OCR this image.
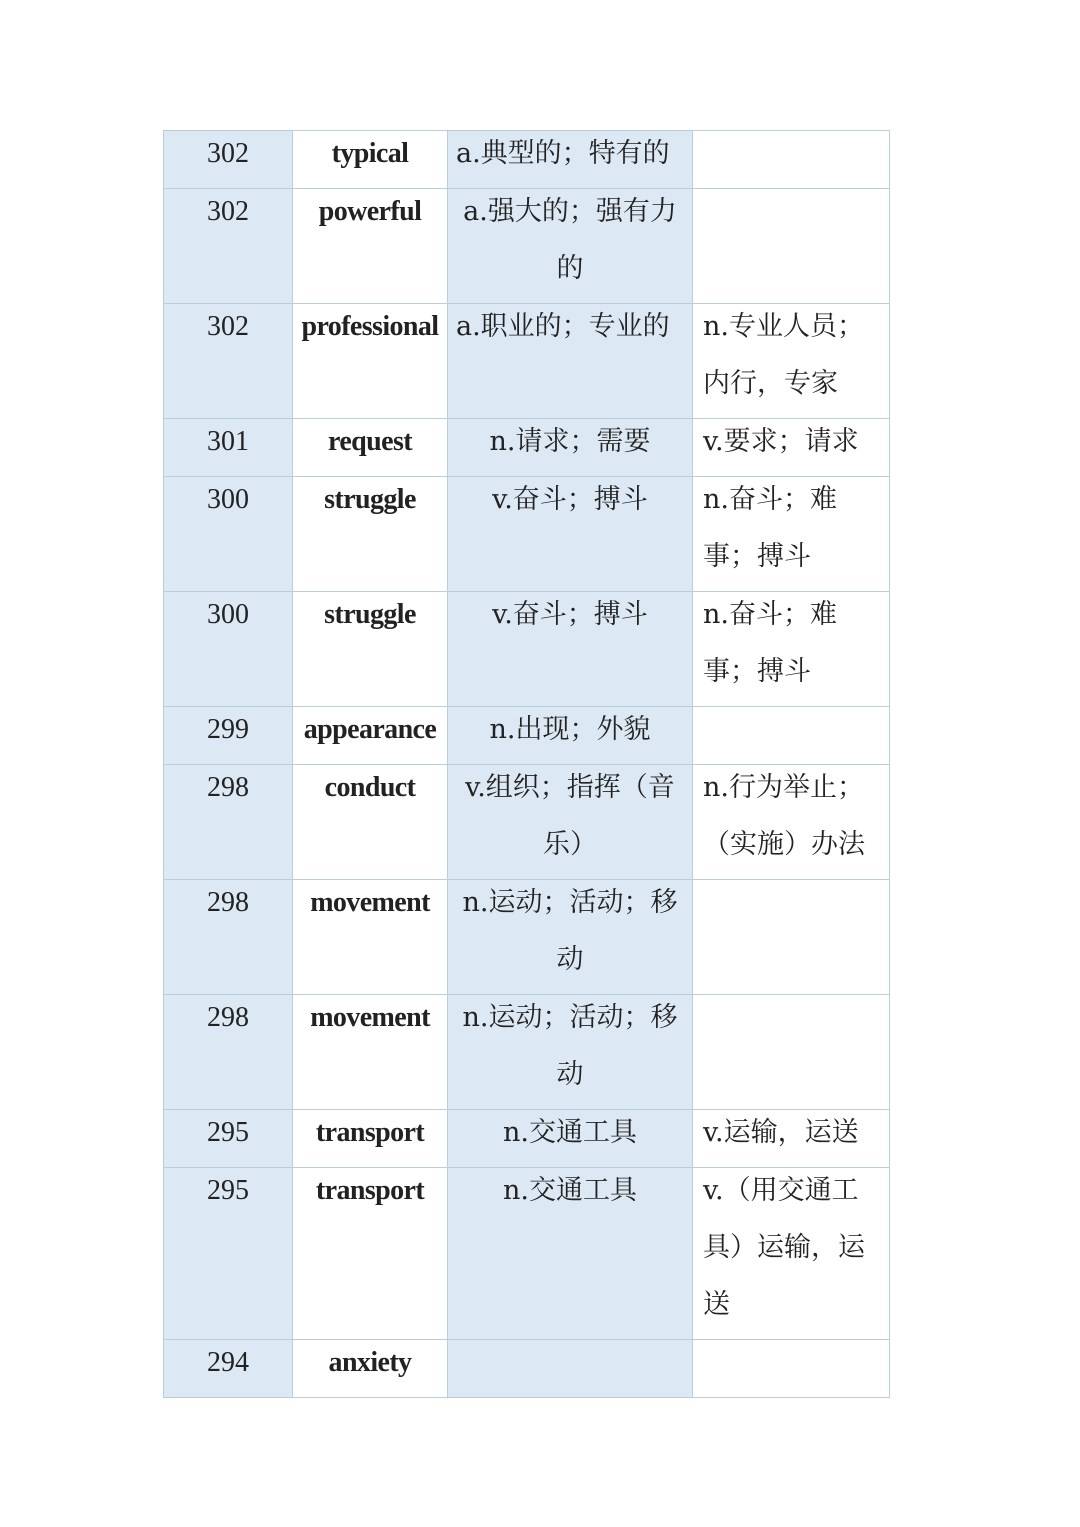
302	typical	a.典型的；特有的	

302	powerful	a.强大的；强有力的	

302	professional	a.职业的；专业的	n.专业人员；内行，专家

301	request	n.请求；需要	v.要求；请求

300	struggle	v.奋斗；搏斗	n.奋斗；难事；搏斗

300	struggle	v.奋斗；搏斗	n.奋斗；难事；搏斗

299	appearance	n.出现；外貌	

298	conduct	v.组织；指挥（音乐）	n.行为举止；（实施）办法

298	movement	n.运动；活动；移动	

298	movement	n.运动；活动；移动	

295	transport	n.交通工具	v.运输，运送

295	transport	n.交通工具	v.（用交通工具）运输，运送

294	anxiety		
